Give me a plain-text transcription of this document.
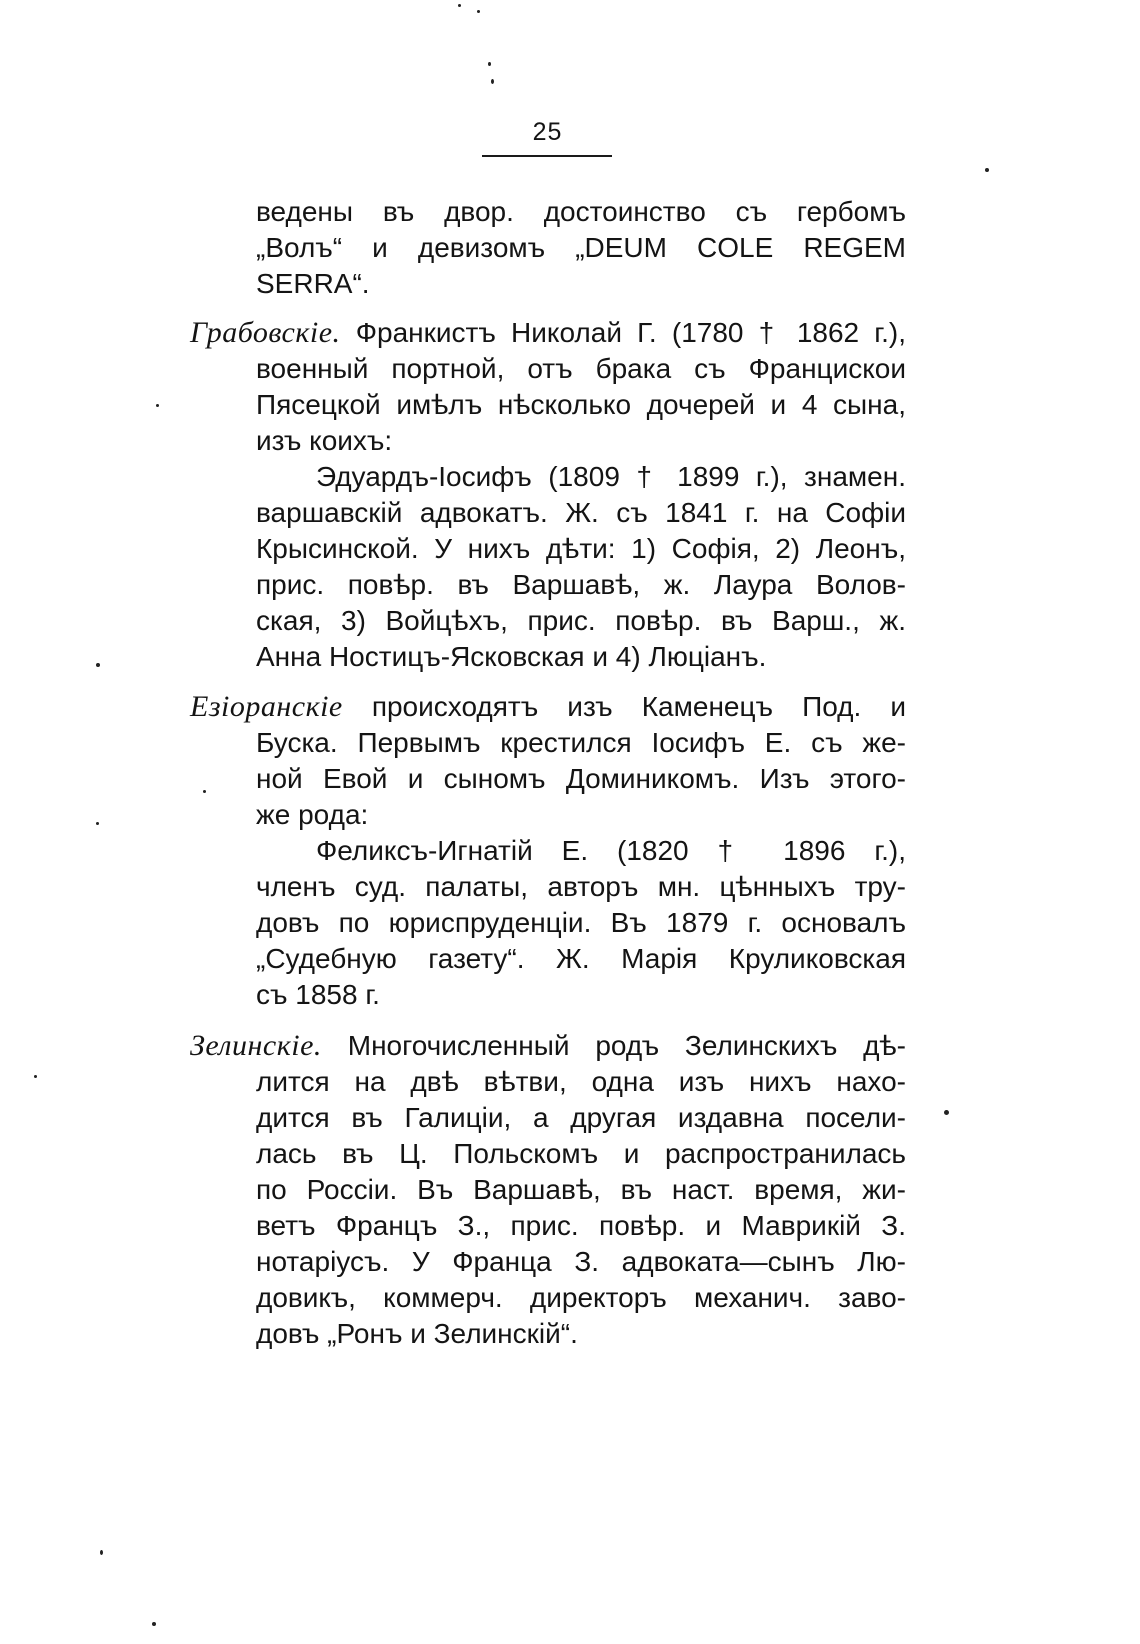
25
ведены въ двор. достоинство съ гербомъ
„Волъ“ и девизомъ „DEUM COLE REGEM
SERRA“.
Грабовскіе. Франкистъ Николай Г. (1780 † 1862 г.),
военный портной, отъ брака съ Францискои
Пясецкой имѣлъ нѣсколько дочерей и 4 сына,
изъ коихъ:
Эдуардъ-Іосифъ (1809 † 1899 г.), знамен.
варшавскій адвокатъ. Ж. съ 1841 г. на Софіи
Крысинской. У нихъ дѣти: 1) Софія, 2) Леонъ,
прис. повѣр. въ Варшавѣ, ж. Лаура Волов-
ская, 3) Войцѣхъ, прис. повѣр. въ Варш., ж.
Анна Ностицъ-Ясковская и 4) Люціанъ.
Езіоранскіе происходятъ изъ Каменецъ Под. и
Буска. Первымъ крестился Іосифъ Е. съ же-
ной Евой и сыномъ Доминикомъ. Изъ этого-
же рода:
Феликсъ-Игнатій Е. (1820 † 1896 г.),
членъ суд. палаты, авторъ мн. цѣнныхъ тру-
довъ по юриспруденціи. Въ 1879 г. основалъ
„Судебную газету“. Ж. Марія Круликовская
съ 1858 г.
Зелинскіе. Многочисленный родъ Зелинскихъ дѣ-
лится на двѣ вѣтви, одна изъ нихъ нахо-
дится въ Галиціи, а другая издавна посели-
лась въ Ц. Польскомъ и распространилась
по Россіи. Въ Варшавѣ, въ наст. время, жи-
ветъ Францъ З., прис. повѣр. и Маврикій З.
нотаріусъ. У Франца З. адвоката—сынъ Лю-
довикъ, коммерч. директоръ механич. заво-
довъ „Ронъ и Зелинскій“.
